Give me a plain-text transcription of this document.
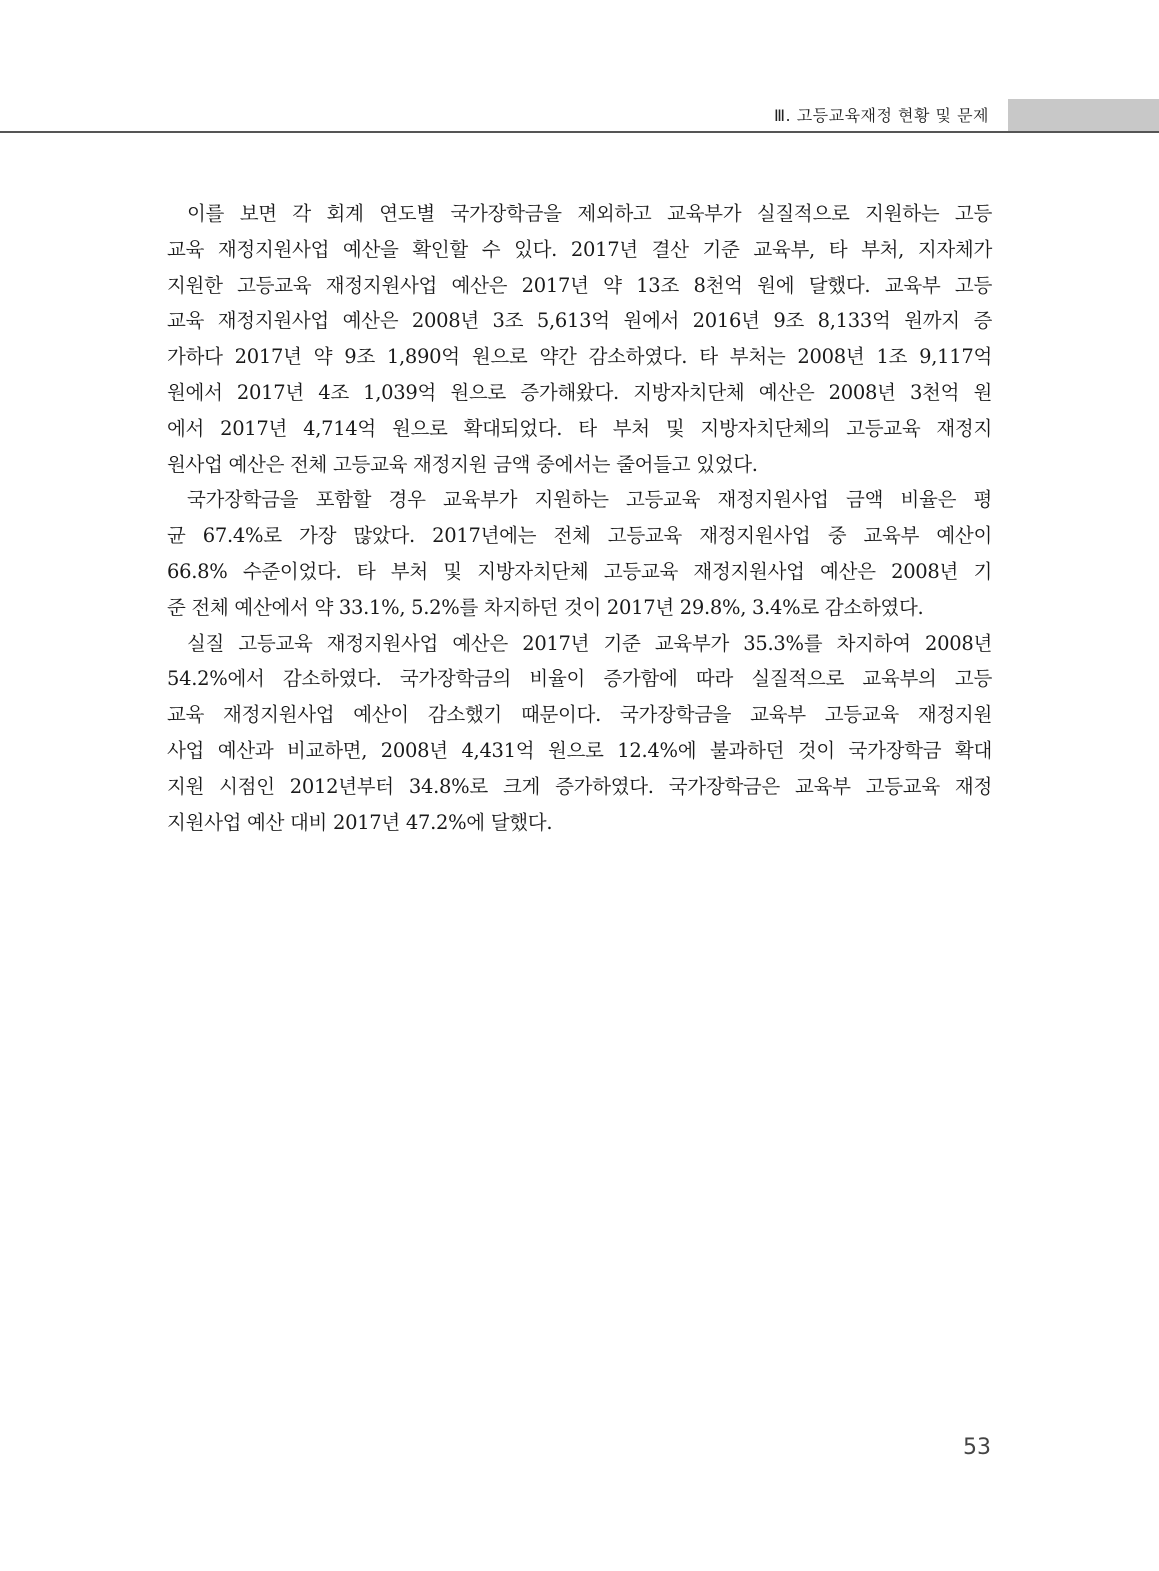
Ⅲ. 고등교육재정 현황 및 문제
이를 보면 각 회계 연도별 국가장학금을 제외하고 교육부가 실질적으로 지원하는 고등
교육 재정지원사업 예산을 확인할 수 있다. 2017년 결산 기준 교육부, 타 부처, 지자체가
지원한 고등교육 재정지원사업 예산은 2017년 약 13조 8천억 원에 달했다. 교육부 고등
교육 재정지원사업 예산은 2008년 3조 5,613억 원에서 2016년 9조 8,133억 원까지 증
가하다 2017년 약 9조 1,890억 원으로 약간 감소하였다. 타 부처는 2008년 1조 9,117억
원에서 2017년 4조 1,039억 원으로 증가해왔다. 지방자치단체 예산은 2008년 3천억 원
에서 2017년 4,714억 원으로 확대되었다. 타 부처 및 지방자치단체의 고등교육 재정지
원사업 예산은 전체 고등교육 재정지원 금액 중에서는 줄어들고 있었다.
국가장학금을 포함할 경우 교육부가 지원하는 고등교육 재정지원사업 금액 비율은 평
균 67.4%로 가장 많았다. 2017년에는 전체 고등교육 재정지원사업 중 교육부 예산이
66.8% 수준이었다. 타 부처 및 지방자치단체 고등교육 재정지원사업 예산은 2008년 기
준 전체 예산에서 약 33.1%, 5.2%를 차지하던 것이 2017년 29.8%, 3.4%로 감소하였다.
실질 고등교육 재정지원사업 예산은 2017년 기준 교육부가 35.3%를 차지하여 2008년
54.2%에서 감소하였다. 국가장학금의 비율이 증가함에 따라 실질적으로 교육부의 고등
교육 재정지원사업 예산이 감소했기 때문이다. 국가장학금을 교육부 고등교육 재정지원
사업 예산과 비교하면, 2008년 4,431억 원으로 12.4%에 불과하던 것이 국가장학금 확대
지원 시점인 2012년부터 34.8%로 크게 증가하였다. 국가장학금은 교육부 고등교육 재정
지원사업 예산 대비 2017년 47.2%에 달했다.
53
